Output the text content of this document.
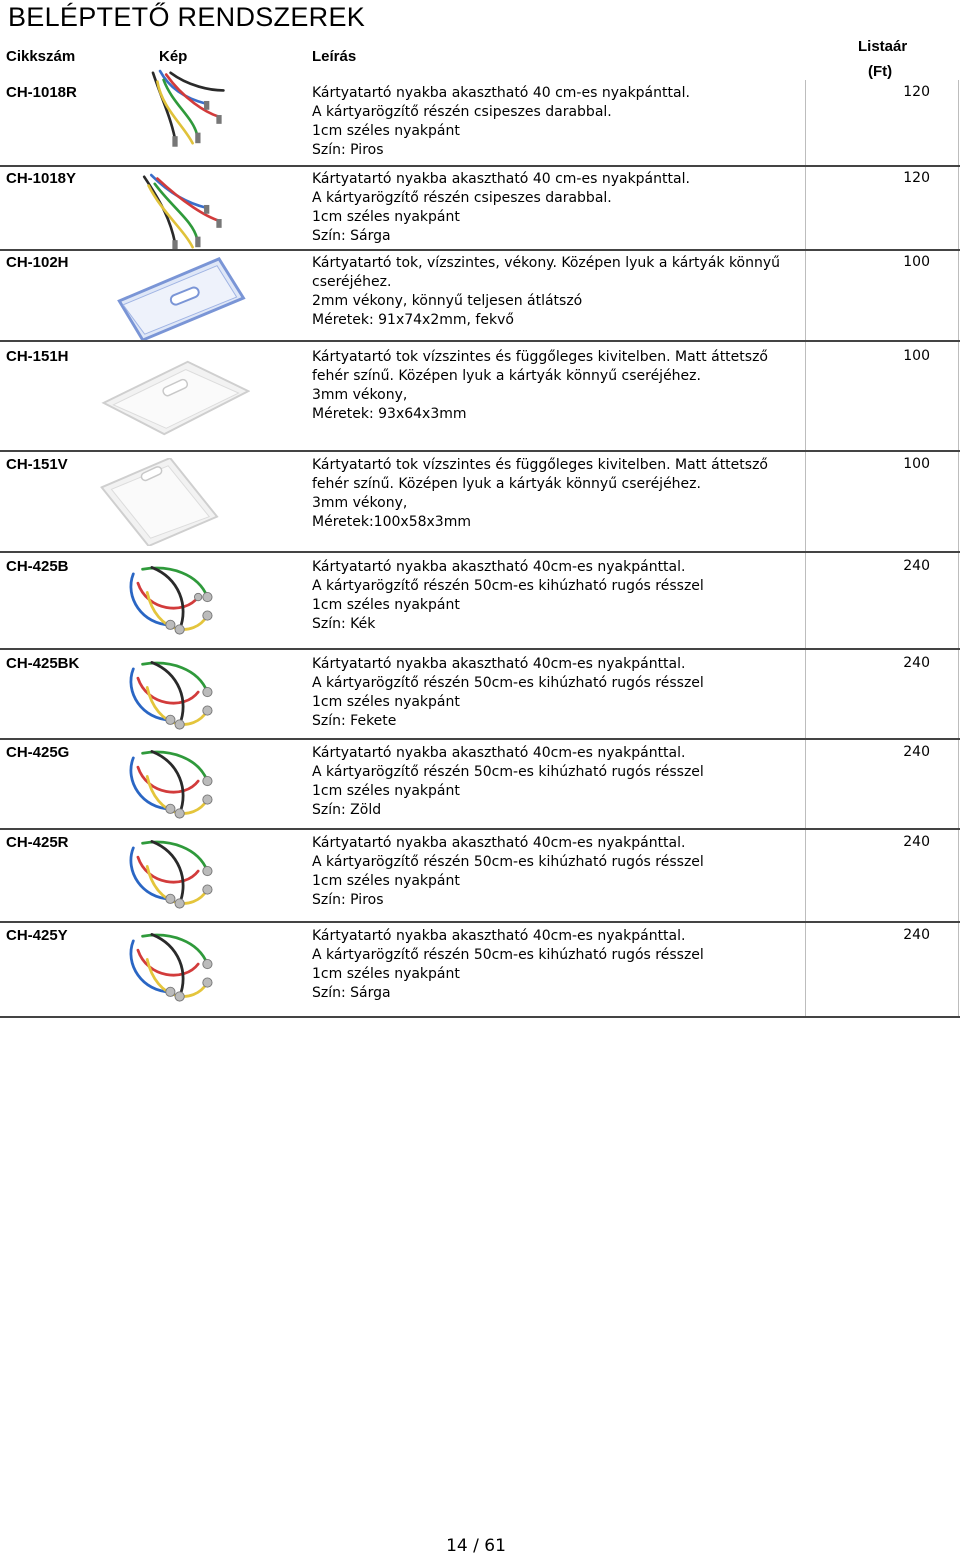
BELÉPTETŐ RENDSZEREK
Cikkszám	Kép	Leírás
Listaár
(Ft)
CH-1018R	Kártyatartó nyakba akasztható 40 cm-es nyakpánttal.
A kártyarögzítő részén csipeszes darabbal.
1cm széles nyakpánt
Szín: Piros
120
CH-1018Y	Kártyatartó nyakba akasztható 40 cm-es nyakpánttal.
A kártyarögzítő részén csipeszes darabbal.
1cm széles nyakpánt
Szín: Sárga
120
CH-102H	Kártyatartó tok, vízszintes, vékony. Középen lyuk a kártyák könnyű
cseréjéhez.
2mm vékony, könnyű teljesen átlátszó
Méretek: 91x74x2mm, fekvő
100
CH-151H	Kártyatartó tok vízszintes és függőleges kivitelben. Matt áttetsző
fehér színű. Középen lyuk a kártyák könnyű cseréjéhez.
3mm vékony,
Méretek: 93x64x3mm
100
CH-151V	Kártyatartó tok vízszintes és függőleges kivitelben. Matt áttetsző
fehér színű. Középen lyuk a kártyák könnyű cseréjéhez.
3mm vékony,
Méretek:100x58x3mm
100
CH-425B	Kártyatartó nyakba akasztható 40cm-es nyakpánttal.
A kártyarögzítő részén 50cm-es kihúzható rugós résszel
1cm széles nyakpánt
Szín: Kék
240
CH-425BK	Kártyatartó nyakba akasztható 40cm-es nyakpánttal.
A kártyarögzítő részén 50cm-es kihúzható rugós résszel
1cm széles nyakpánt
Szín: Fekete
240
CH-425G	Kártyatartó nyakba akasztható 40cm-es nyakpánttal.
A kártyarögzítő részén 50cm-es kihúzható rugós résszel
1cm széles nyakpánt
Szín: Zöld
240
CH-425R	Kártyatartó nyakba akasztható 40cm-es nyakpánttal.
A kártyarögzítő részén 50cm-es kihúzható rugós résszel
1cm széles nyakpánt
Szín: Piros
240
CH-425Y	Kártyatartó nyakba akasztható 40cm-es nyakpánttal.
A kártyarögzítő részén 50cm-es kihúzható rugós résszel
1cm széles nyakpánt
Szín: Sárga
240
14 / 61
